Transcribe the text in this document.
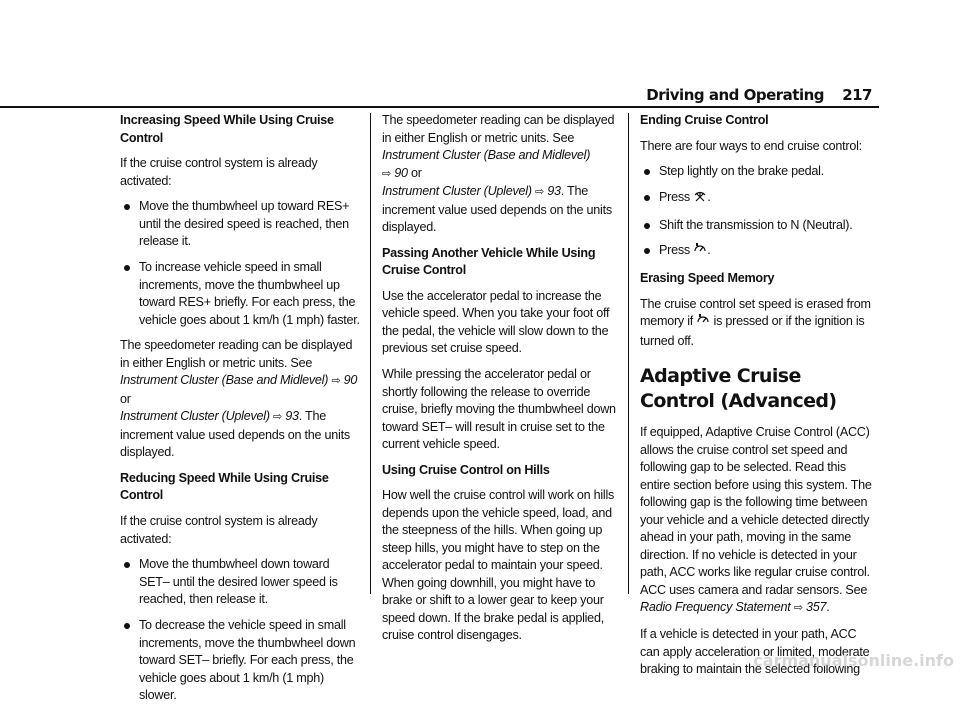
Driving and Operating 217

Increasing Speed While Using Cruise Control

If the cruise control system is already activated:

Move the thumbwheel up toward RES+ until the desired speed is reached, then release it.
To increase vehicle speed in small increments, move the thumbwheel up toward RES+ briefly. For each press, the vehicle goes about 1 km/h (1 mph) faster.

The speedometer reading can be displayed in either English or metric units. See
Instrument Cluster (Base and Midlevel) ⇨ 90
or
Instrument Cluster (Uplevel) ⇨ 93. The increment value used depends on the units displayed.

Reducing Speed While Using Cruise Control

If the cruise control system is already activated:

Move the thumbwheel down toward SET– until the desired lower speed is reached, then release it.
To decrease the vehicle speed in small increments, move the thumbwheel down toward SET– briefly. For each press, the vehicle goes about 1 km/h (1 mph) slower.

The speedometer reading can be displayed in either English or metric units. See Instrument Cluster (Base and Midlevel)
⇨ 90 or
Instrument Cluster (Uplevel) ⇨ 93. The increment value used depends on the units displayed.

Passing Another Vehicle While Using Cruise Control

Use the accelerator pedal to increase the vehicle speed. When you take your foot off the pedal, the vehicle will slow down to the previous set cruise speed.

While pressing the accelerator pedal or shortly following the release to override cruise, briefly moving the thumbwheel down toward SET– will result in cruise set to the current vehicle speed.

Using Cruise Control on Hills

How well the cruise control will work on hills depends upon the vehicle speed, load, and the steepness of the hills. When going up steep hills, you might have to step on the accelerator pedal to maintain your speed. When going downhill, you might have to brake or shift to a lower gear to keep your speed down. If the brake pedal is applied, cruise control disengages.

Ending Cruise Control

There are four ways to end cruise control:

Step lightly on the brake pedal.
Press .
Shift the transmission to N (Neutral).
Press .

Erasing Speed Memory

The cruise control set speed is erased from memory if is pressed or if the ignition is turned off.

Adaptive Cruise Control (Advanced)

If equipped, Adaptive Cruise Control (ACC) allows the cruise control set speed and following gap to be selected. Read this entire section before using this system. The following gap is the following time between your vehicle and a vehicle detected directly ahead in your path, moving in the same direction. If no vehicle is detected in your path, ACC works like regular cruise control. ACC uses camera and radar sensors. See Radio Frequency Statement ⇨ 357.

If a vehicle is detected in your path, ACC can apply acceleration or limited, moderate braking to maintain the selected following

carmanualsonline.info
